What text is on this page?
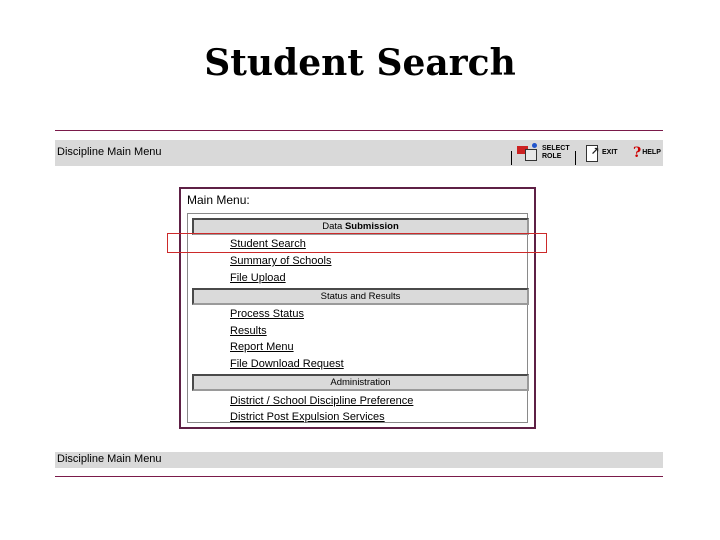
Student Search
Discipline Main Menu	SELECT
ROLE	↗ EXIT ? HELP
Main Menu:
Data Submission
Student Search
Summary of Schools
File Upload
Status and Results
Process Status
Results
Report Menu
File Download Request
Administration
District / School Discipline Preference
District Post Expulsion Services
Discipline Main Menu
